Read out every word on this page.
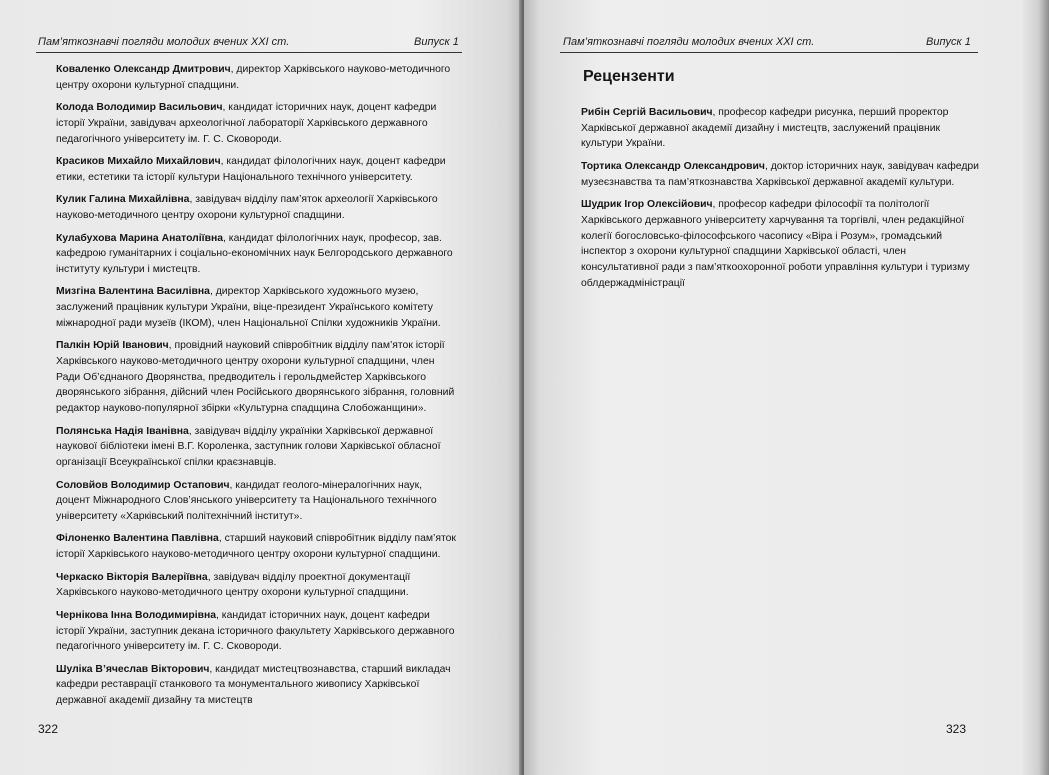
Пам’яткознавчі погляди молодих вчених XXI ст.	Випуск 1
Коваленко Олександр Дмитрович, директор Харківського науково-методичного центру охорони культурної спадщини.
Колода Володимир Васильович, кандидат історичних наук, доцент кафедри історії України, завідувач археологічної лабораторії Харківського державного педагогічного університету ім. Г. С. Сковороди.
Красиков Михайло Михайлович, кандидат філологічних наук, доцент кафедри етики, естетики та історії культури Національного технічного університету.
Кулик Галина Михайлівна, завідувач відділу пам’яток археології Харківського науково-методичного центру охорони культурної спадщини.
Кулабухова Марина Анатоліївна, кандидат філологічних наук, професор, зав. кафедрою гуманітарних і соціально-економічних наук Белгородського державного інституту культури і мистецтв.
Мизгіна Валентина Василівна, директор Харківського художнього музею, заслужений працівник культури України, віце-президент Українського комітету міжнародної ради музеїв (ІКОМ), член Національної Спілки художників України.
Палкін Юрій Іванович, провідний науковий співробітник відділу пам’яток історії Харківського науково-методичного центру охорони культурної спадщини, член Ради Об’єднаного Дворянства, предводитель і герольдмейстер Харківського дворянського зібрання, дійсний член Російського дворянського зібрання, головний редактор науково-популярної збірки «Культурна спадщина Слобожанщини».
Полянська Надія Іванівна, завідувач відділу україніки Харківської державної наукової бібліотеки імені В.Г. Короленка, заступник голови Харківської обласної організації Всеукраїнської спілки краєзнавців.
Соловйов Володимир Остапович, кандидат геолого-мінералогічних наук, доцент Міжнародного Слов’янського університету та Національного технічного університету «Харківський політехнічний інститут».
Філоненко Валентина Павлівна, старший науковий співробітник відділу пам’яток історії Харківського науково-методичного центру охорони культурної спадщини.
Черкаско Вікторія Валеріївна, завідувач відділу проектної документації Харківського науково-методичного центру охорони культурної спадщини.
Чернікова Інна Володимирівна, кандидат історичних наук, доцент кафедри історії України, заступник декана історичного факультету Харківського державного педагогічного університету ім. Г. С. Сковороди.
Шуліка В’ячеслав Вікторович, кандидат мистецтвознавства, старший викладач кафедри реставрації станкового та монументального живопису Харківської державної академії дизайну та мистецтв
322
Пам’яткознавчі погляди молодих вчених XXI ст.	Випуск 1
Рецензенти
Рибін Сергій Васильович, професор кафедри рисунка, перший проректор Харківської державної академії дизайну і мистецтв, заслужений працівник культури України.
Тортика Олександр Олександрович, доктор історичних наук, завідувач кафедри музеєзнавства та пам’яткознавства Харківської державної академії культури.
Шудрик Ігор Олексійович, професор кафедри філософії та політології Харківського державного університету харчування та торгівлі, член редакційної колегії богословсько-філософського часопису «Віра і Розум», громадський інспектор з охорони культурної спадщини Харківської області, член консультативної ради з пам’яткоохоронної роботи управління культури і туризму облдержадміністрації
323
